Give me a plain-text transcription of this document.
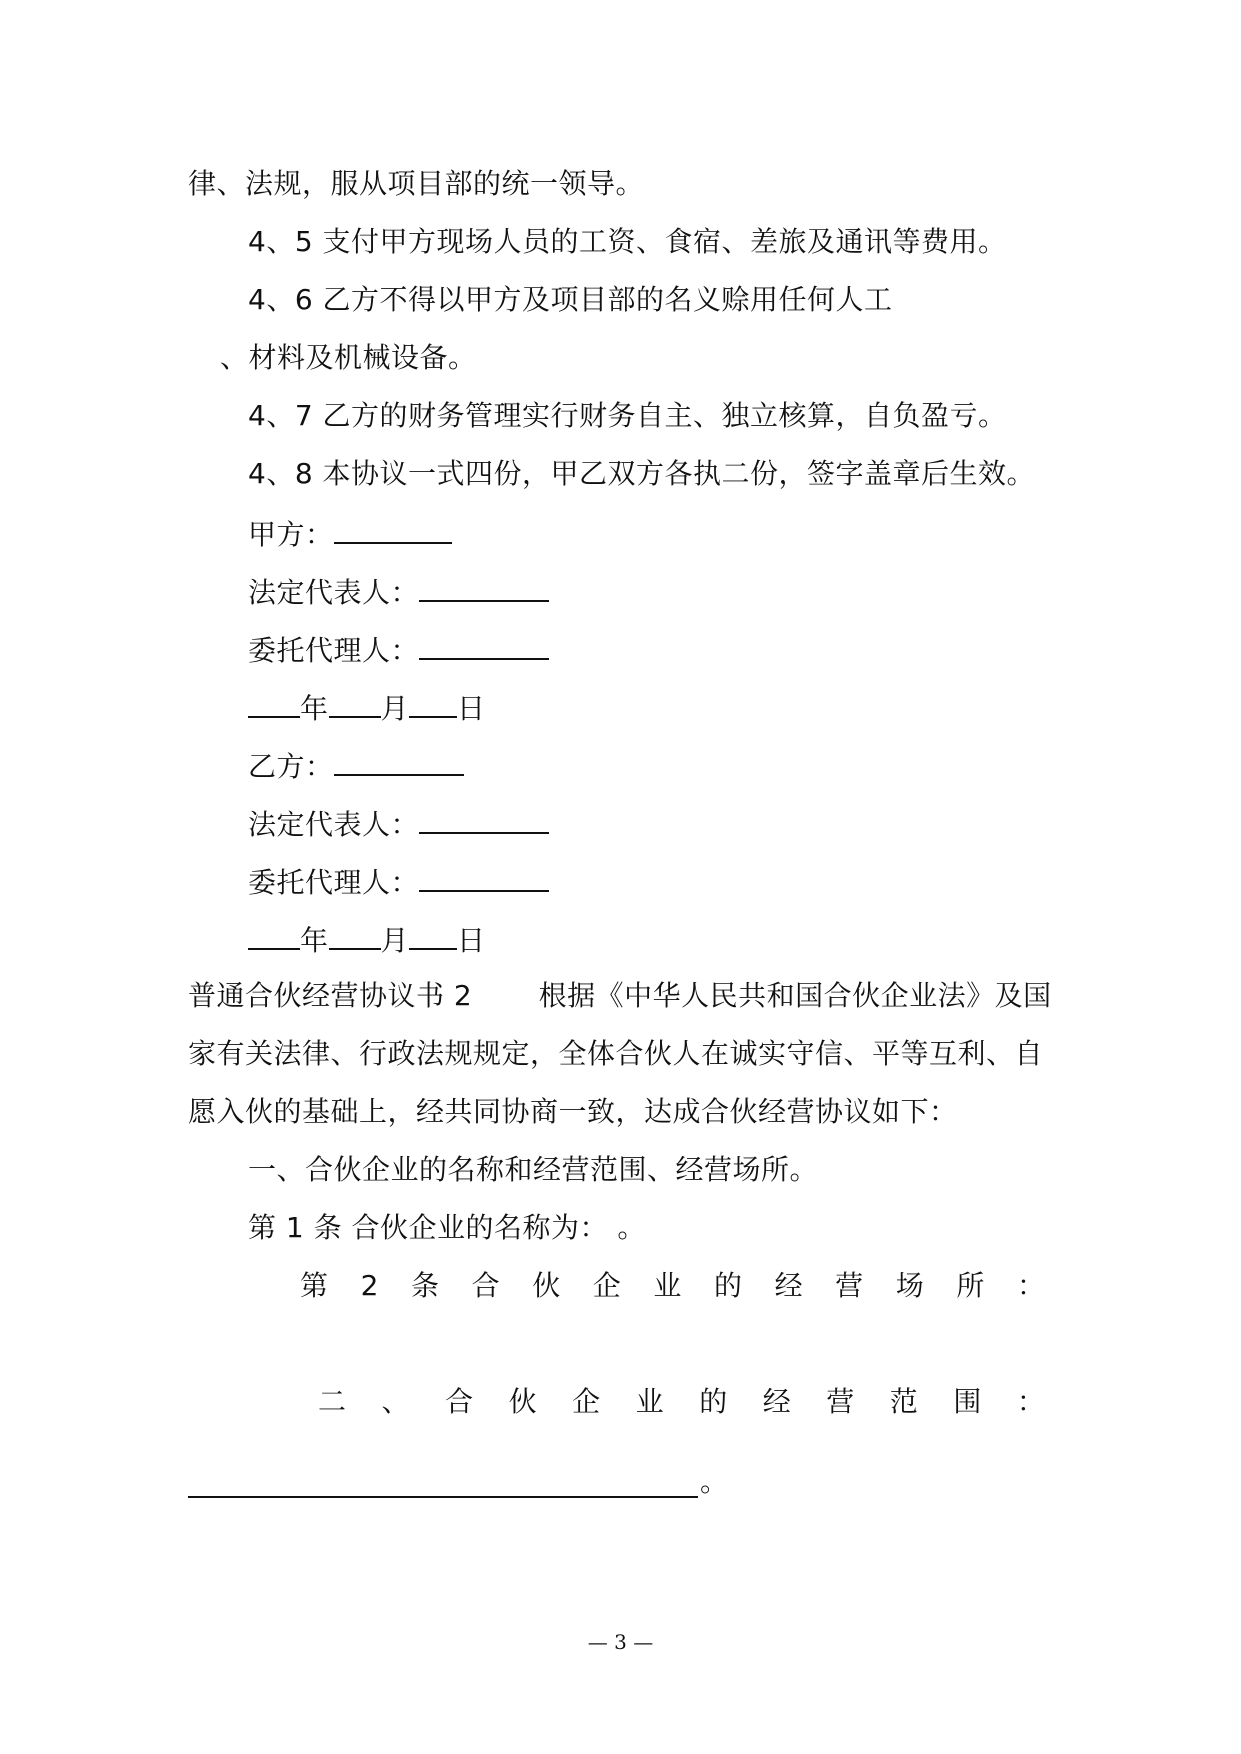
律、法规，服从项目部的统一领导。
4、5 支付甲方现场人员的工资、食宿、差旅及通讯等费用。
4、6 乙方不得以甲方及项目部的名义赊用任何人工
、材料及机械设备。
4、7 乙方的财务管理实行财务自主、独立核算，自负盈亏。
4、8 本协议一式四份，甲乙双方各执二份，签字盖章后生效。
甲方：
法定代表人：
委托代理人：
年 月 日
乙方：
法定代表人：
委托代理人：
年 月 日
普通合伙经营协议书 2　　 根据《中华人民共和国合伙企业法》及国
家有关法律、行政法规规定，全体合伙人在诚实守信、平等互利、自
愿入伙的基础上，经共同协商一致，达成合伙经营协议如下：
一、合伙企业的名称和经营范围、经营场所。
第 1 条 合伙企业的名称为： 。
第 2 条 合 伙 企 业 的 经 营 场 所 ：
。
二 、 合 伙 企 业 的 经 营 范 围 ：
— 3 —
